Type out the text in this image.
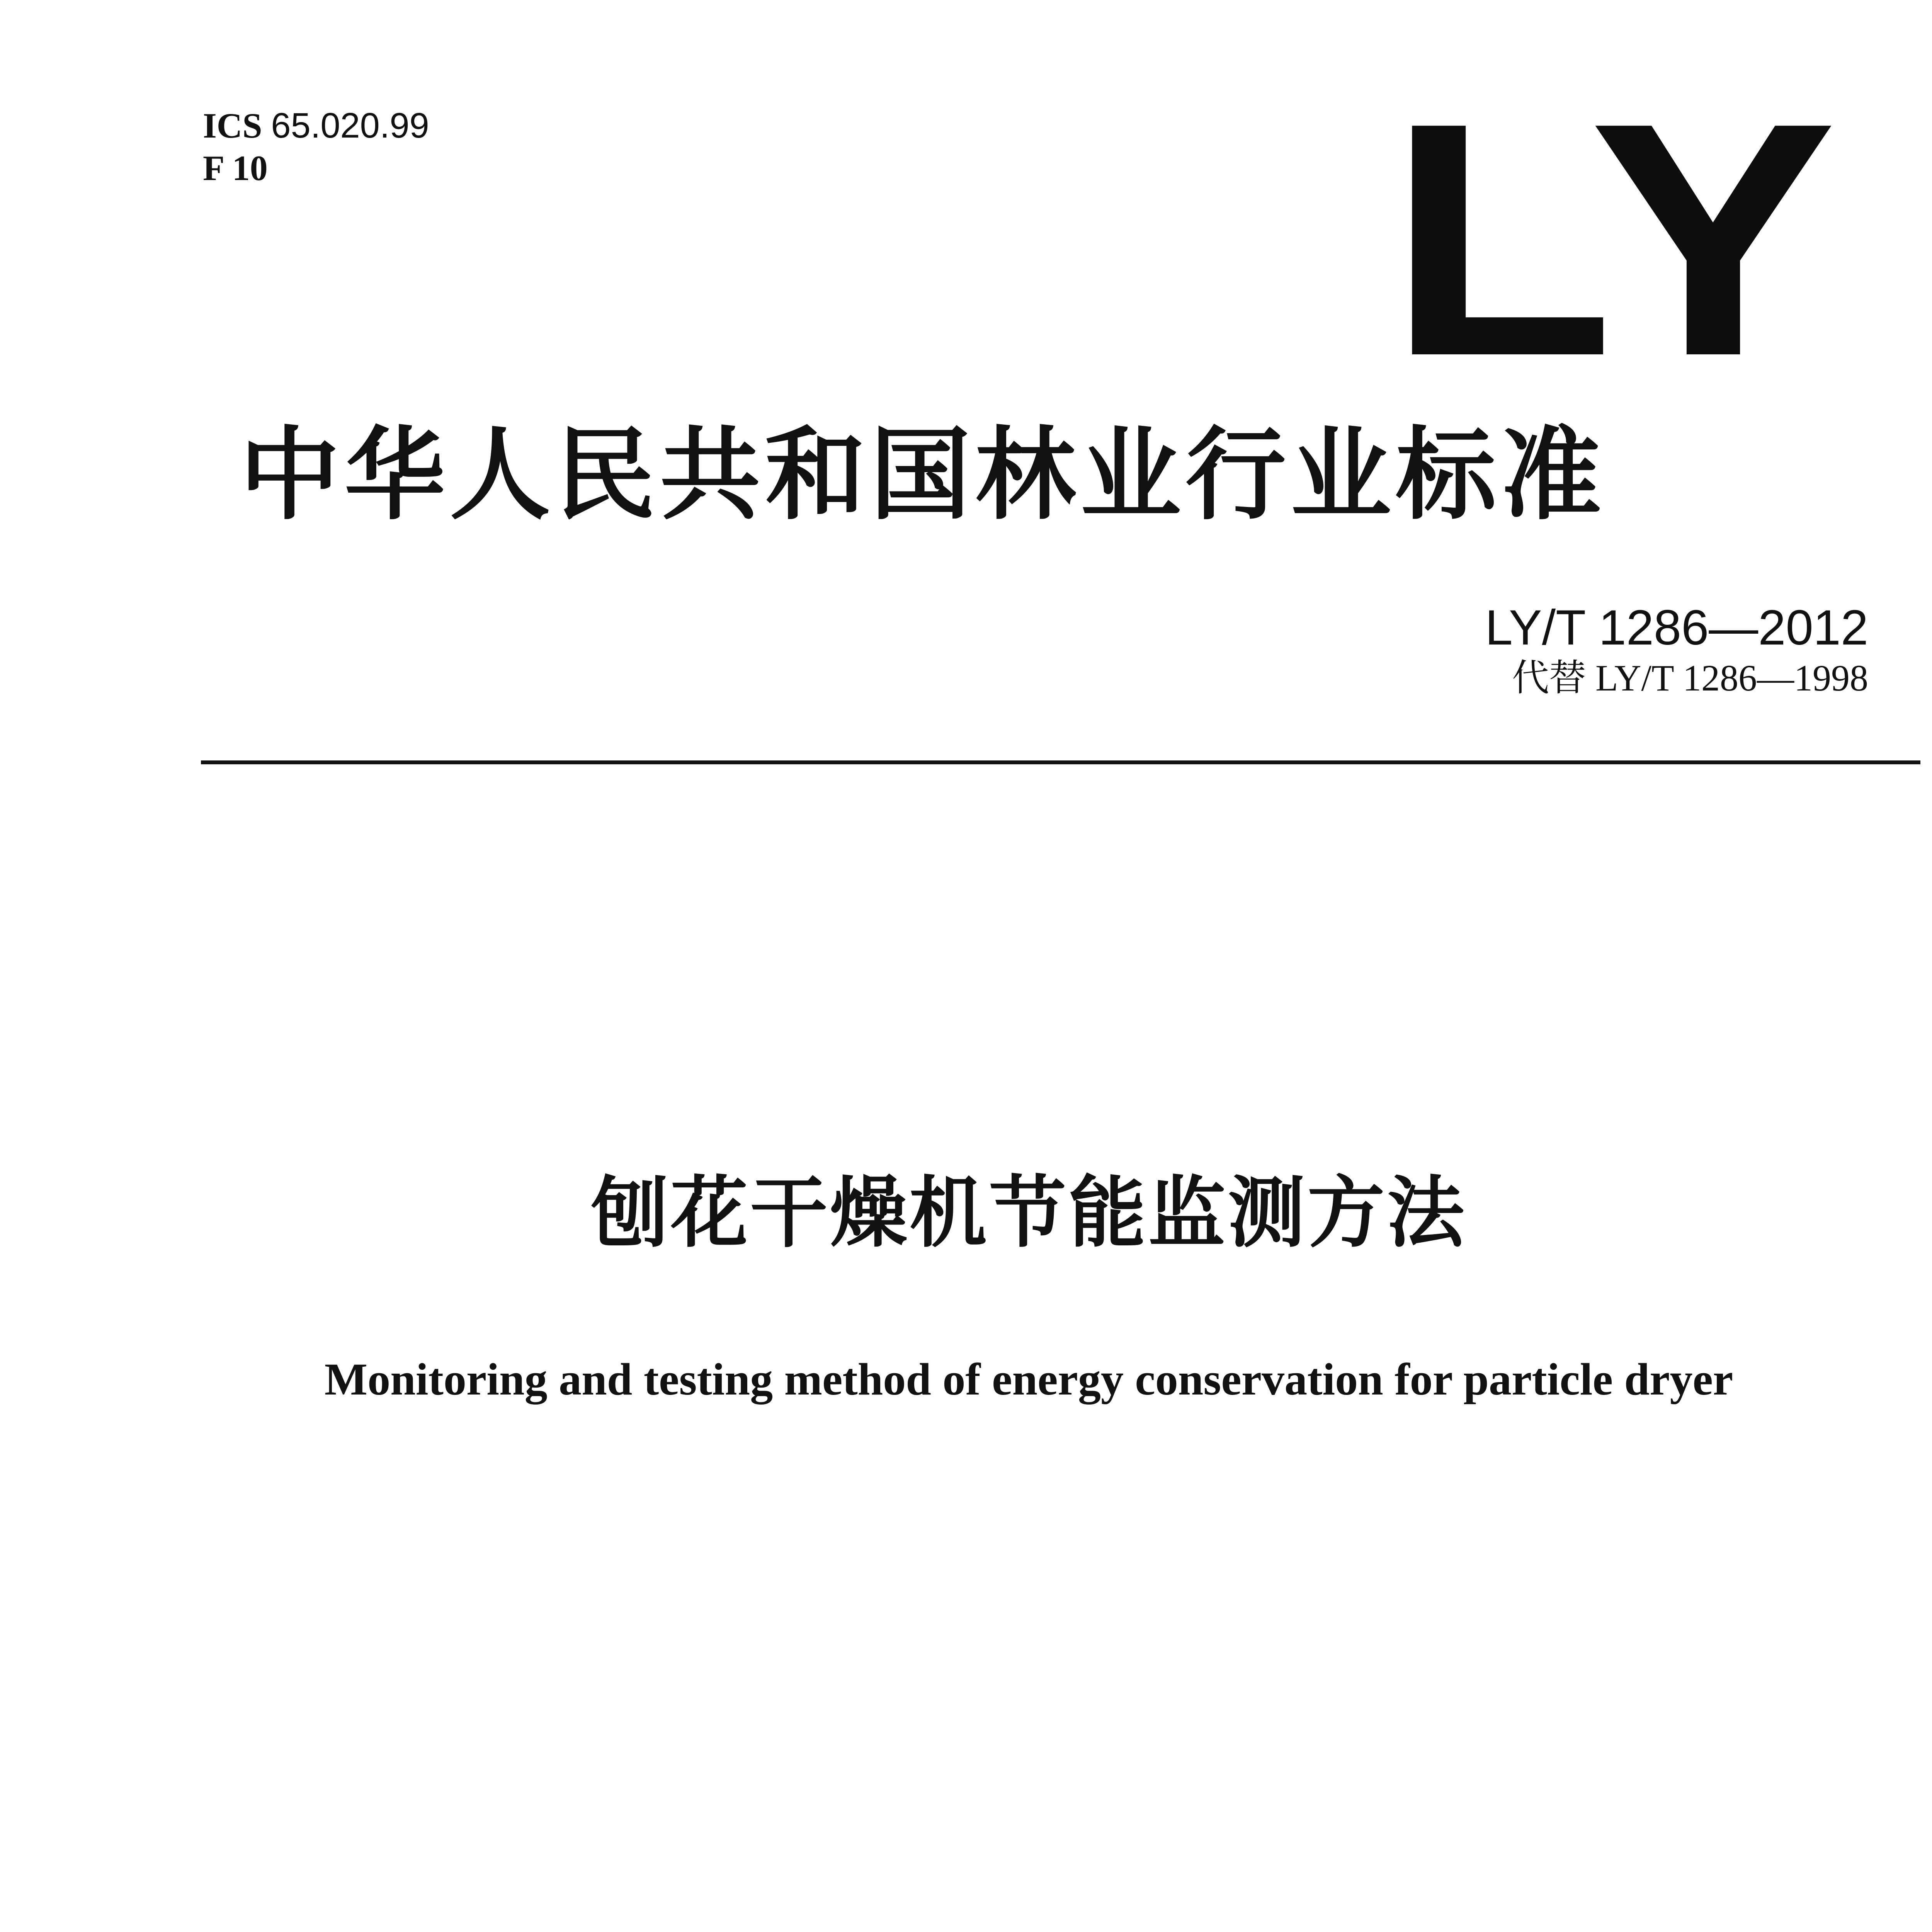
ICS 65.020.99
F 10	LY
中华人民共和国林业行业标准
LY/T 1286—2012
代替 LY/T 1286—1998
刨花干燥机节能监测方法
Monitoring and testing method of energy conservation for particle dryer
